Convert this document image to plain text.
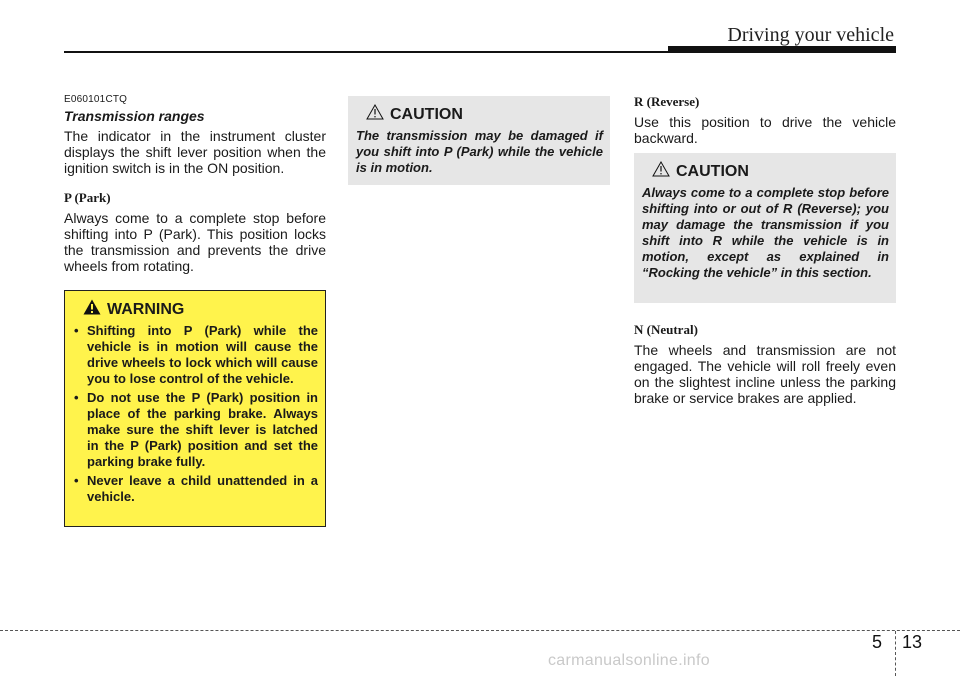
Driving your vehicle

E060101CTQ

Transmission ranges

The indicator in the instrument cluster displays the shift lever position when the ignition switch is in the ON position.

P (Park)

Always come to a complete stop before shifting into P (Park). This position locks the transmission and prevents the drive wheels from rotating.

WARNING
• Shifting into P (Park) while the vehicle is in motion will cause the drive wheels to lock which will cause you to lose control of the vehicle.
• Do not use the P (Park) position in place of the parking brake. Always make sure the shift lever is latched in the P (Park) position and set the parking brake fully.
• Never leave a child unattended in a vehicle.
CAUTION

The transmission may be damaged if you shift into P (Park) while the vehicle is in motion.

R (Reverse)

Use this position to drive the vehicle backward.

CAUTION

Always come to a complete stop before shifting into or out of R (Reverse); you may damage the transmission if you shift into R while the vehicle is in motion, except as explained in “Rocking the vehicle” in this section.

N (Neutral)

The wheels and transmission are not engaged. The vehicle will roll freely even on the slightest incline unless the parking brake or service brakes are applied.

5 13
carmanualsonline.info
